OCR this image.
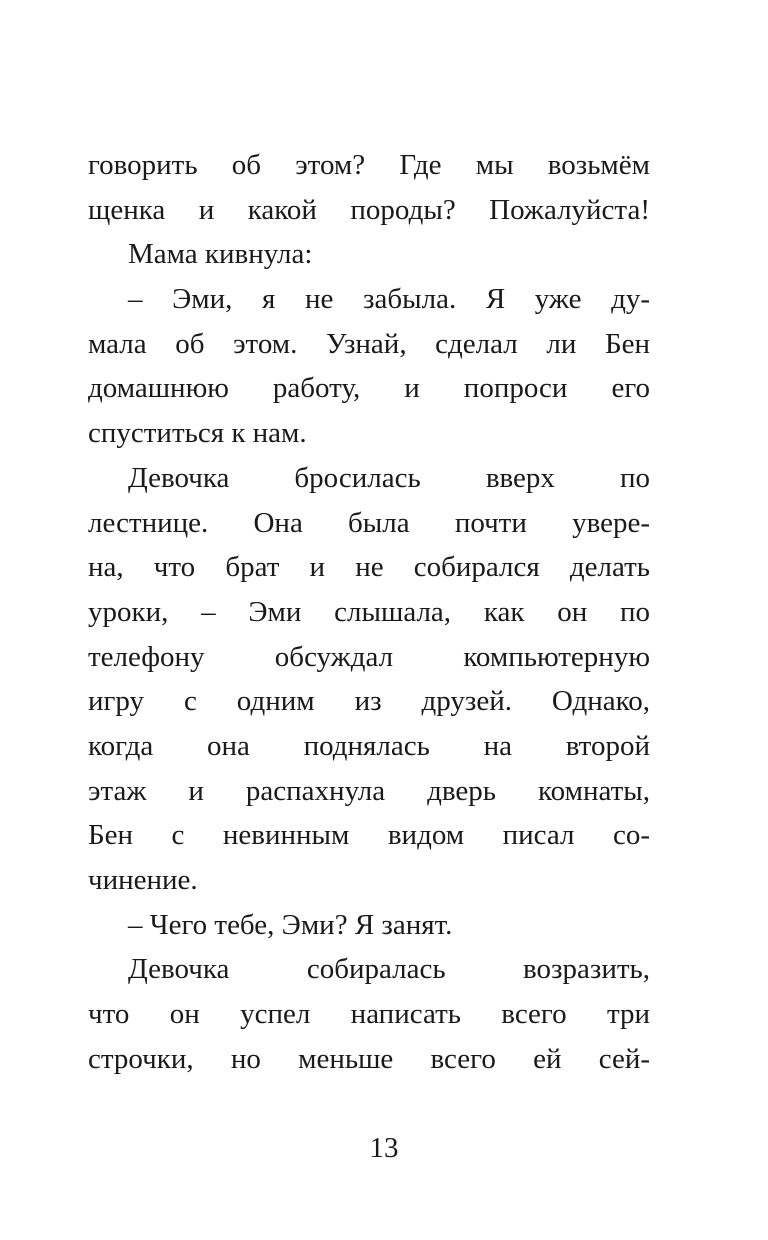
говорить об этом? Где мы возьмём
щенка и какой породы? Пожалуйста!
Мама кивнула:
– Эми, я не забыла. Я уже ду-
мала об этом. Узнай, сделал ли Бен
домашнюю работу, и попроси его
спуститься к нам.
Девочка бросилась вверх по
лестнице. Она была почти увере-
на, что брат и не собирался делать
уроки, – Эми слышала, как он по
телефону обсуждал компьютерную
игру с одним из друзей. Однако,
когда она поднялась на второй
этаж и распахнула дверь комнаты,
Бен с невинным видом писал со-
чинение.
– Чего тебе, Эми? Я занят.
Девочка собиралась возразить,
что он успел написать всего три
строчки, но меньше всего ей сей-
13
